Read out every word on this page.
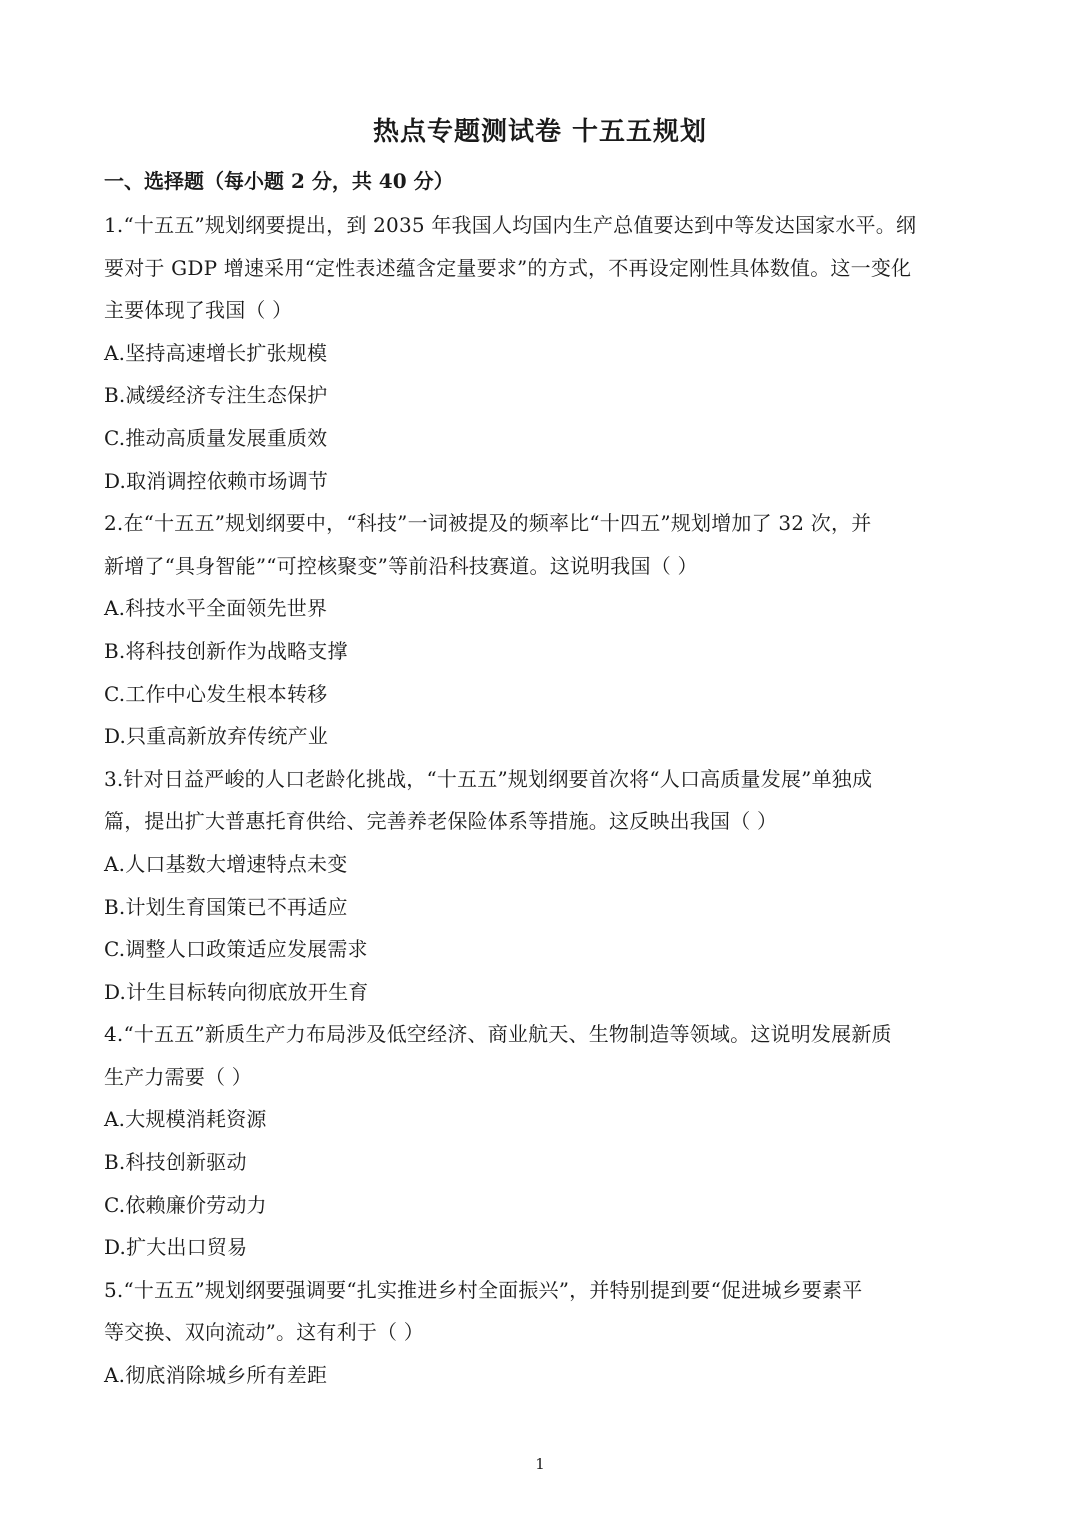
热点专题测试卷 十五五规划
一、选择题（每小题 2 分，共 40 分）
1.“十五五”规划纲要提出，到 2035 年我国人均国内生产总值要达到中等发达国家水平。纲
要对于 GDP 增速采用“定性表述蕴含定量要求”的方式，不再设定刚性具体数值。这一变化
主要体现了我国（ ）
A.坚持高速增长扩张规模
B.减缓经济专注生态保护
C.推动高质量发展重质效
D.取消调控依赖市场调节
2.在“十五五”规划纲要中，“科技”一词被提及的频率比“十四五”规划增加了 32 次，并
新增了“具身智能”“可控核聚变”等前沿科技赛道。这说明我国（ ）
A.科技水平全面领先世界
B.将科技创新作为战略支撑
C.工作中心发生根本转移
D.只重高新放弃传统产业
3.针对日益严峻的人口老龄化挑战，“十五五”规划纲要首次将“人口高质量发展”单独成
篇，提出扩大普惠托育供给、完善养老保险体系等措施。这反映出我国（ ）
A.人口基数大增速特点未变
B.计划生育国策已不再适应
C.调整人口政策适应发展需求
D.计生目标转向彻底放开生育
4.“十五五”新质生产力布局涉及低空经济、商业航天、生物制造等领域。这说明发展新质
生产力需要（ ）
A.大规模消耗资源
B.科技创新驱动
C.依赖廉价劳动力
D.扩大出口贸易
5.“十五五”规划纲要强调要“扎实推进乡村全面振兴”，并特别提到要“促进城乡要素平
等交换、双向流动”。这有利于（ ）
A.彻底消除城乡所有差距
1
